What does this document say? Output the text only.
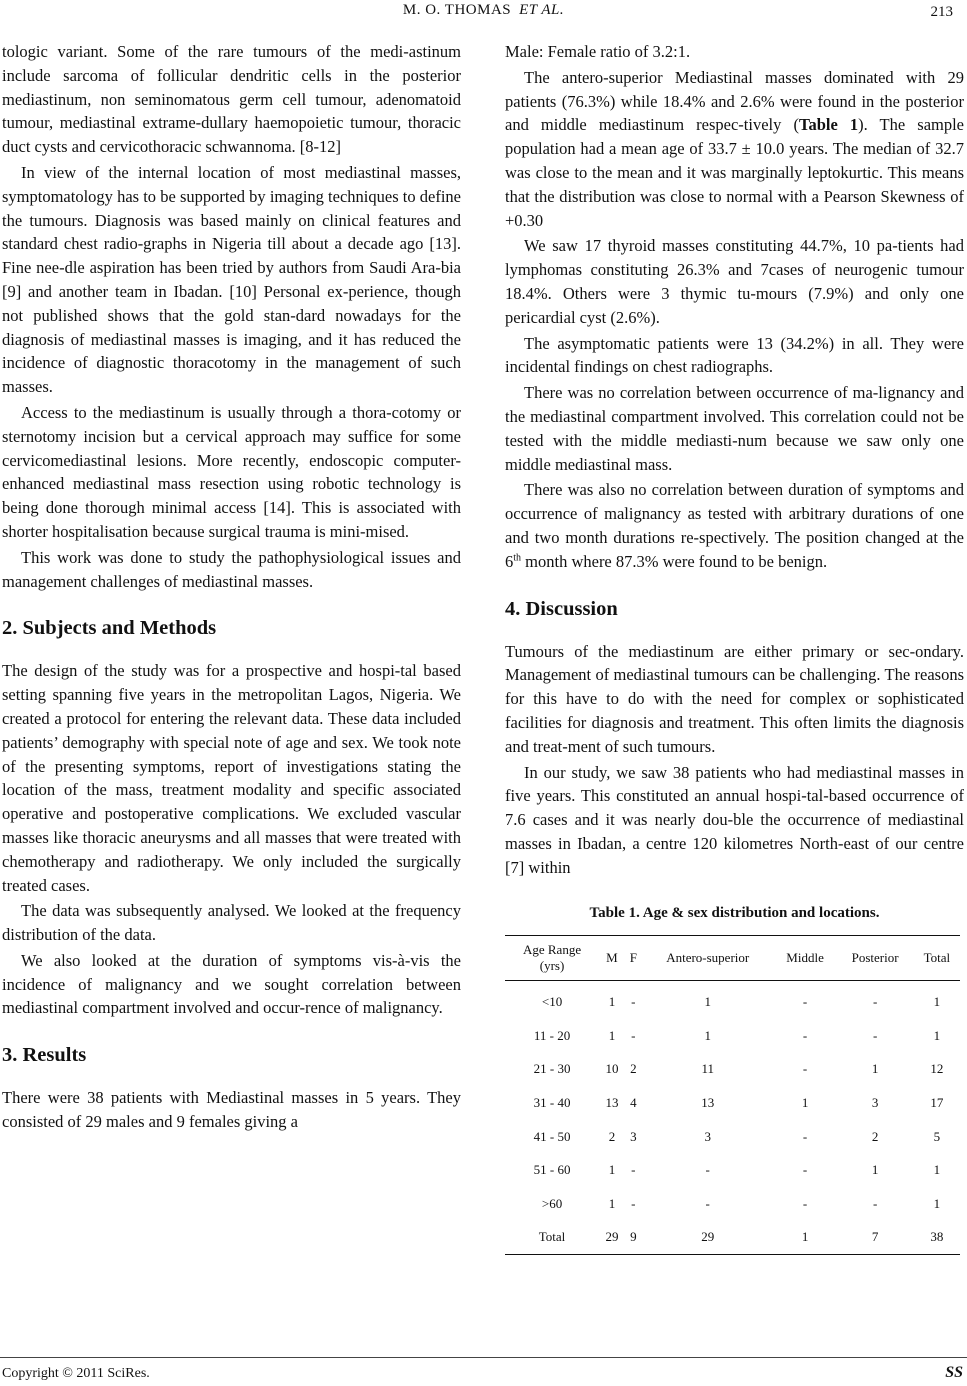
M. O. THOMAS ET AL.	213

tologic variant. Some of the rare tumours of the medi-astinum include sarcoma of follicular dendritic cells in the posterior mediastinum, non seminomatous germ cell tumour, adenomatoid tumour, mediastinal extrame-dullary haemopoietic tumour, thoracic duct cysts and cervicothoracic schwannoma. [8-12]

In view of the internal location of most mediastinal masses, symptomatology has to be supported by imaging techniques to define the tumours. Diagnosis was based mainly on clinical features and standard chest radio-graphs in Nigeria till about a decade ago [13]. Fine nee-dle aspiration has been tried by authors from Saudi Ara-bia [9] and another team in Ibadan. [10] Personal ex-perience, though not published shows that the gold stan-dard nowadays for the diagnosis of mediastinal masses is imaging, and it has reduced the incidence of diagnostic thoracotomy in the management of such masses.

Access to the mediastinum is usually through a thora-cotomy or sternotomy incision but a cervical approach may suffice for some cervicomediastinal lesions. More recently, endoscopic computer-enhanced mediastinal mass resection using robotic technology is being done thorough minimal access [14]. This is associated with shorter hospitalisation because surgical trauma is mini-mised.

This work was done to study the pathophysiological issues and management challenges of mediastinal masses.

2. Subjects and Methods

The design of the study was for a prospective and hospi-tal based setting spanning five years in the metropolitan Lagos, Nigeria. We created a protocol for entering the relevant data. These data included patients’ demography with special note of age and sex. We took note of the presenting symptoms, report of investigations stating the location of the mass, treatment modality and specific associated operative and postoperative complications. We excluded vascular masses like thoracic aneurysms and all masses that were treated with chemotherapy and radiotherapy. We only included the surgically treated cases.

The data was subsequently analysed. We looked at the frequency distribution of the data.

We also looked at the duration of symptoms vis-à-vis the incidence of malignancy and we sought correlation between mediastinal compartment involved and occur-rence of malignancy.

3. Results

There were 38 patients with Mediastinal masses in 5 years. They consisted of 29 males and 9 females giving a

Male: Female ratio of 3.2:1.

The antero-superior Mediastinal masses dominated with 29 patients (76.3%) while 18.4% and 2.6% were found in the posterior and middle mediastinum respec-tively (Table 1). The sample population had a mean age of 33.7 ± 10.0 years. The median of 32.7 was close to the mean and it was marginally leptokurtic. This means that the distribution was close to normal with a Pearson Skewness of +0.30

We saw 17 thyroid masses constituting 44.7%, 10 pa-tients had lymphomas constituting 26.3% and 7cases of neurogenic tumour 18.4%. Others were 3 thymic tu-mours (7.9%) and only one pericardial cyst (2.6%).

The asymptomatic patients were 13 (34.2%) in all. They were incidental findings on chest radiographs.

There was no correlation between occurrence of ma-lignancy and the mediastinal compartment involved. This correlation could not be tested with the middle mediasti-num because we saw only one middle mediastinal mass.

There was also no correlation between duration of symptoms and occurrence of malignancy as tested with arbitrary durations of one and two month durations re-spectively. The position changed at the 6th month where 87.3% were found to be benign.

4. Discussion

Tumours of the mediastinum are either primary or sec-ondary. Management of mediastinal tumours can be challenging. The reasons for this have to do with the need for complex or sophisticated facilities for diagnosis and treatment. This often limits the diagnosis and treat-ment of such tumours.

In our study, we saw 38 patients who had mediastinal masses in five years. This constituted an annual hospi-tal-based occurrence of 7.6 cases and it was nearly dou-ble the occurrence of mediastinal masses in Ibadan, a centre 120 kilometres North-east of our centre [7] within

Table 1. Age & sex distribution and locations.
Age Range
(yrs)	M	F	Antero-superior	Middle	Posterior	Total
<10	1	-	1	-	-	1
11 - 20	1	-	1	-	-	1
21 - 30	10	2	11	-	1	12
31 - 40	13	4	13	1	3	17
41 - 50	2	3	3	-	2	5
51 - 60	1	-	-	-	1	1
>60	1	-	-	-	-	1
Total	29	9	29	1	7	38
Copyright © 2011 SciRes.	SS
